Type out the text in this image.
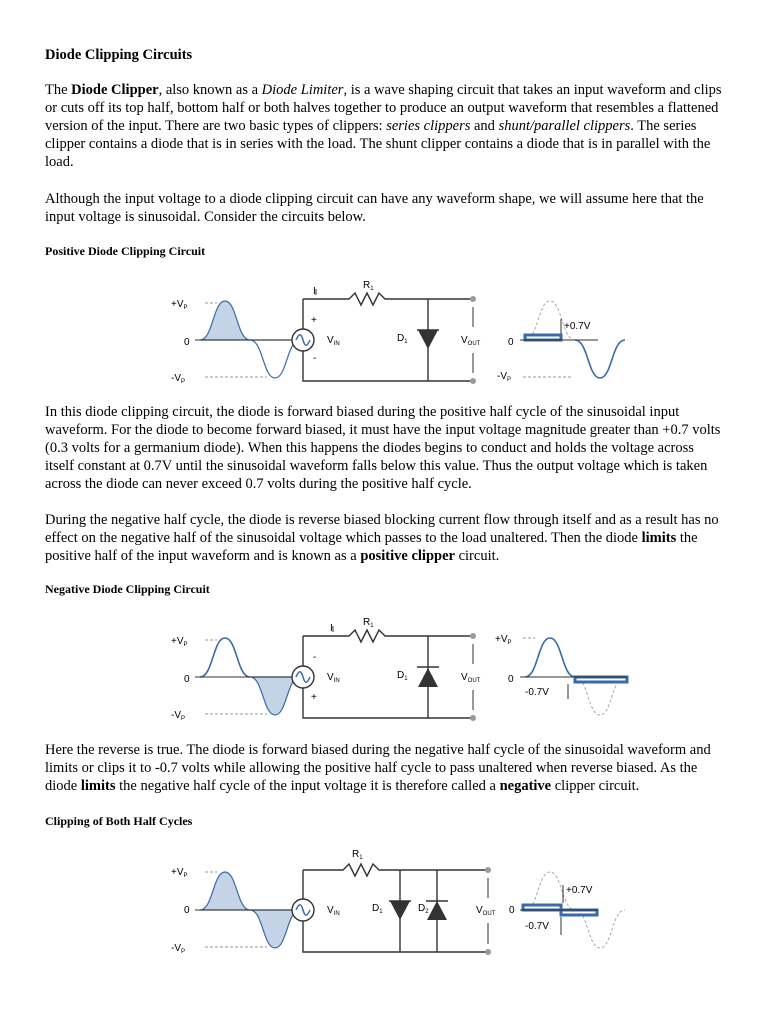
Diode Clipping Circuits

The Diode Clipper, also known as a Diode Limiter, is a wave shaping circuit that takes an input waveform and clips or cuts off its top half, bottom half or both halves together to produce an output waveform that resembles a flattened version of the input. There are two basic types of clippers: series clippers and shunt/parallel clippers. The series clipper contains a diode that is in series with the load. The shunt clipper contains a diode that is in parallel with the load.

Although the input voltage to a diode clipping circuit can have any waveform shape, we will assume here that the input voltage is sinusoidal. Consider the circuits below.

Positive Diode Clipping Circuit
$+V_P$
0
$-V_P$
I
$R_1$
+
-
$V_{IN}$	$D_1$	$V_{OUT}$	0
$-V_P$
+0.7V

In this diode clipping circuit, the diode is forward biased during the positive half cycle of the sinusoidal input waveform. For the diode to become forward biased, it must have the input voltage magnitude greater than +0.7 volts (0.3 volts for a germanium diode). When this happens the diodes begins to conduct and holds the voltage across itself constant at 0.7V until the sinusoidal waveform falls below this value. Thus the output voltage which is taken across the diode can never exceed 0.7 volts during the positive half cycle.

During the negative half cycle, the diode is reverse biased blocking current flow through itself and as a result has no effect on the negative half of the sinusoidal voltage which passes to the load unaltered. Then the diode limits the positive half of the input waveform and is known as a positive clipper circuit.

Negative Diode Clipping Circuit
$+V_P$
0
$-V_P$
I
$R_1$
-
+
$V_{IN}$	$D_1$	$V_{OUT}$
$+V_P$
0
-0.7V

Here the reverse is true. The diode is forward biased during the negative half cycle of the sinusoidal waveform and limits or clips it to -0.7 volts while allowing the positive half cycle to pass unaltered when reverse biased. As the diode limits the negative half cycle of the input voltage it is therefore called a negative clipper circuit.

Clipping of Both Half Cycles
$+V_P$
0
$-V_P$
$R_1$
$V_{IN}$	$D_1$	$D_2$	$V_{OUT}$ 0
+0.7V
-0.7V
